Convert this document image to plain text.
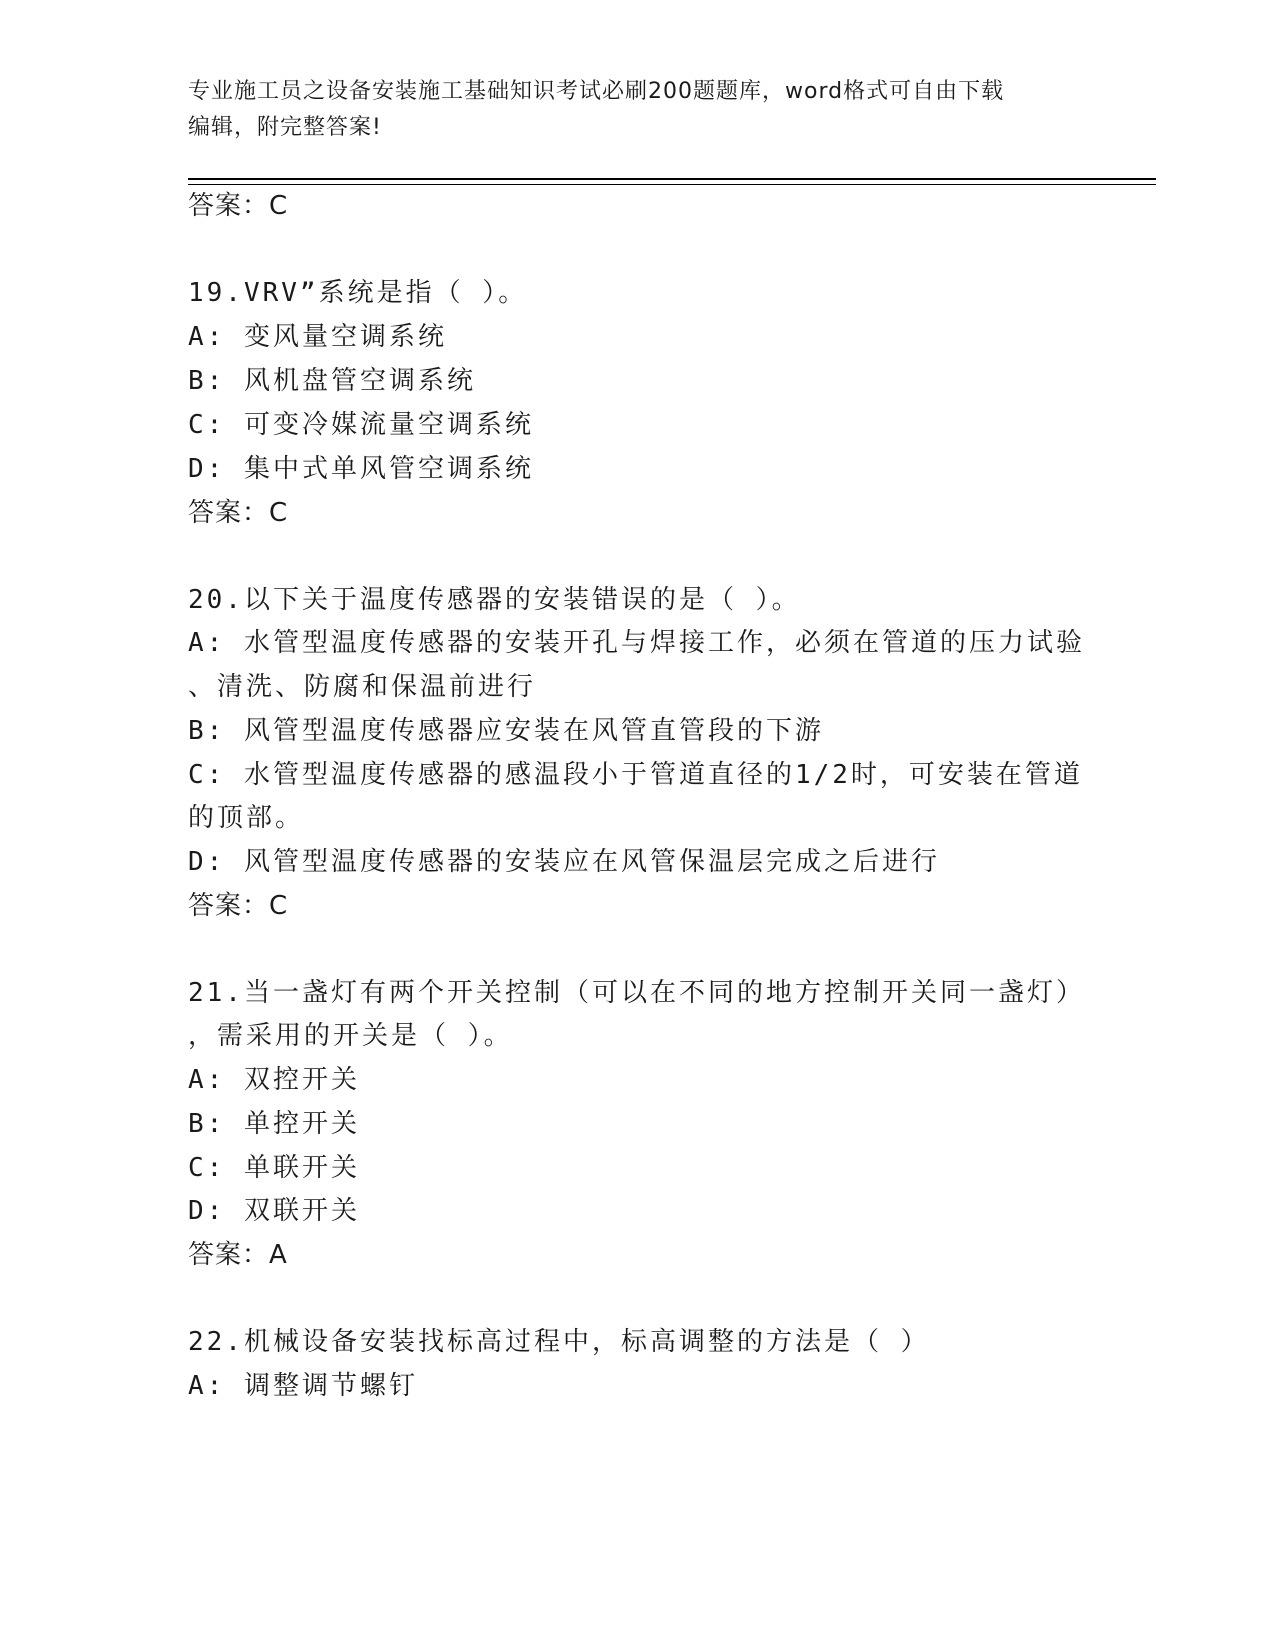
专业施工员之设备安装施工基础知识考试必刷200题题库，word格式可自由下载
编辑，附完整答案!
答案：C
19.VRV”系统是指（ ）。
A: 变风量空调系统
B: 风机盘管空调系统
C: 可变冷媒流量空调系统
D: 集中式单风管空调系统
答案：C
20.以下关于温度传感器的安装错误的是（ ）。
A: 水管型温度传感器的安装开孔与焊接工作，必须在管道的压力试验
、清洗、防腐和保温前进行
B: 风管型温度传感器应安装在风管直管段的下游
C: 水管型温度传感器的感温段小于管道直径的1/2时，可安装在管道
的顶部。
D: 风管型温度传感器的安装应在风管保温层完成之后进行
答案：C
21.当一盏灯有两个开关控制（可以在不同的地方控制开关同一盏灯）
，需采用的开关是（ ）。
A: 双控开关
B: 单控开关
C: 单联开关
D: 双联开关
答案：A
22.机械设备安装找标高过程中，标高调整的方法是（ ）
A: 调整调节螺钉
